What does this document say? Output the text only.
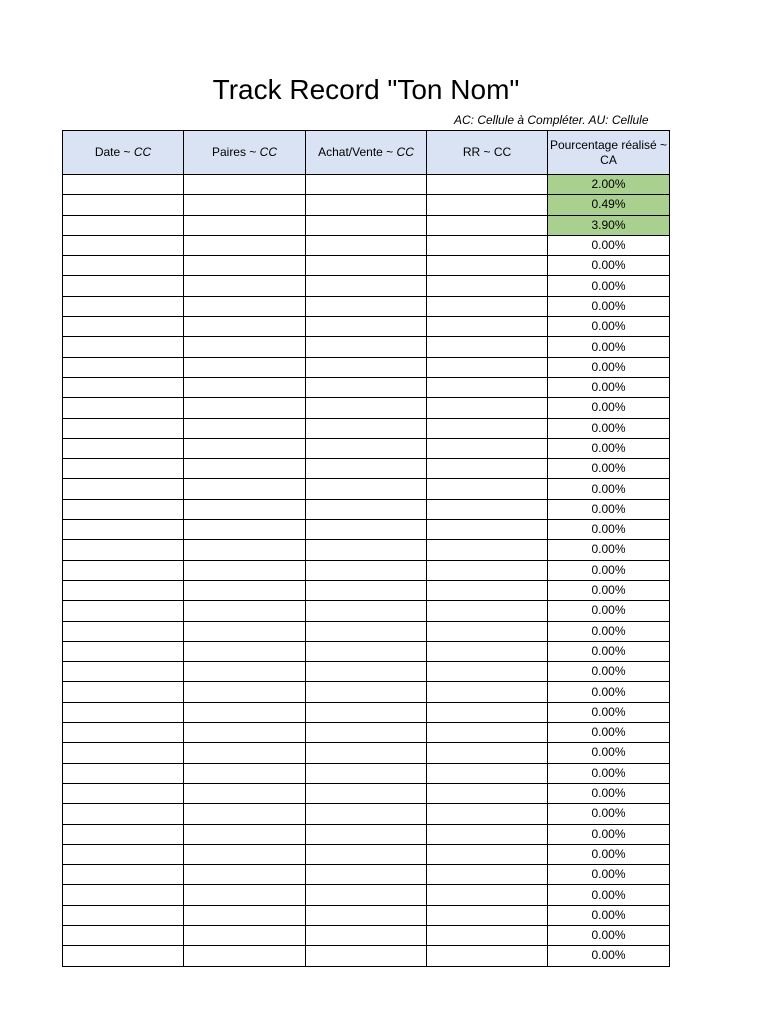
Track Record "Ton Nom"
AC: Cellule à Compléter. AU: Cellule
Date ~ CC	Paires ~ CC	Achat/Vente ~ CC	RR ~ CC	Pourcentage réalisé ~ CA
				2.00%
				0.49%
				3.90%
				0.00%
				0.00%
				0.00%
				0.00%
				0.00%
				0.00%
				0.00%
				0.00%
				0.00%
				0.00%
				0.00%
				0.00%
				0.00%
				0.00%
				0.00%
				0.00%
				0.00%
				0.00%
				0.00%
				0.00%
				0.00%
				0.00%
				0.00%
				0.00%
				0.00%
				0.00%
				0.00%
				0.00%
				0.00%
				0.00%
				0.00%
				0.00%
				0.00%
				0.00%
				0.00%
				0.00%
